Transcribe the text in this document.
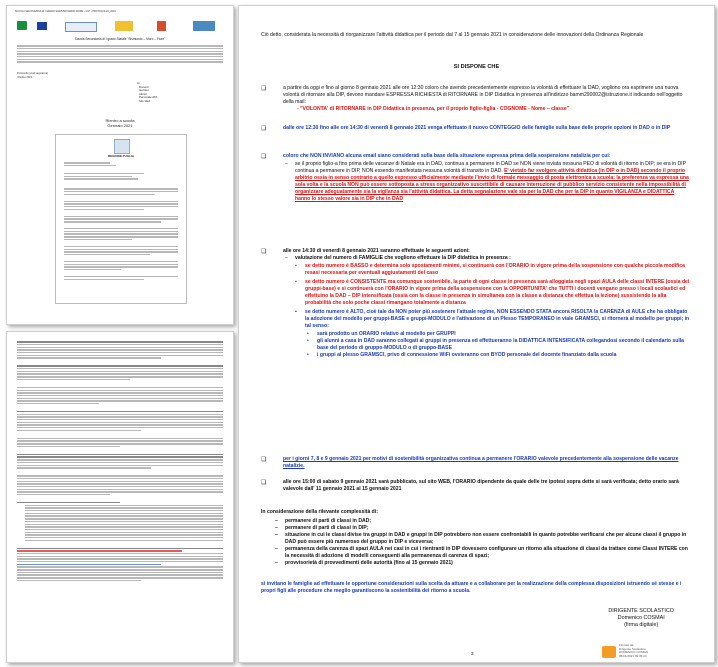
SCUOLA SECONDARIA DI I GRADO SIGMUND MARIO FIORE - ILS7 - PROTOCOLLO_2019
Scuola Secondaria di I grado Statale “Sismundo – Moro – Fiore”
Protocollo (vedi segnatura)
Ottobre 2021
Ai
Docenti
Genitori
Alunni
Personale ATA
Sito Web
Rientro a scuola
Gennaio 2021
REGIONE PUGLIA
Ciò detto, considerata la necessità di riorganizzare l'attività didattica per il periodo dal 7 al 15 gennaio 2021 in considerazione delle innovazioni della Ordinanza Regionale
SI DISPONE CHE
❏	a partire da oggi e fino al giorno 8 gennaio 2021 alle ore 12:30 coloro che avendo precedentemente espresso la volontà di effettuare la DAD, vogliono ora esprimere una nuova volontà di ritornare alla DIP, devono mandare ESPRESSA RICHIESTA di RITORNARE in DIP Didattica in presenza all'indirizzo bamm290002@istruzione.it indicando nell'oggetto della mail:
- "VOLONTA' di RITORNARE in DIP Didattica in presenza, per il proprio figlio-figlia - COGNOME - Nome – classe"
❏	dalle ore 12:30 fino alle ore 14:30 di venerdì 8 gennaio 2021 venga effettuato il nuovo CONTEGGIO delle famiglie sulla base delle proprie opzioni in DAD o in DIP
❏	coloro che NON INVIANO alcuna email siano considerati sulla base della situazione espressa prima della sospensione natalizia per cui:
– se il proprio figlio-a fino prima delle vacanze di Natale era in DAD, continua a permanere in DAD se NON viene inviata nessuna PEO di volontà di ritorno in DIP; se era in DIP continua a permanere in DIP, NON essendo manifestata nessuna volontà di transito in DAD. E' vietato far svolgere attività didattica (in DIP o in DAD) secondo il proprio arbitrio ossia in senso contrario a quello espresso ufficialmente mediante l'invio di formale messaggio di posta elettronica a scuola: la preferenza va espressa una sola volta e la scuola NON può essere sottoposta a stress organizzativo suscettibile di causare interruzione di pubblico servizio consistente nella impossibilità di organizzare adeguatamente sia la vigilanza sia l'attività didattica. La detta segnalazione vale sia per la DAD che per la DIP in quanto VIGILANZA e DIDATTICA hanno lo stesso valore sia in DIP che in DAD
❏	alle ore 14:30 di venerdì 8 gennaio 2021 saranno effettuate le seguenti azioni:
– valutazione del numero di FAMIGLIE che vogliono effettuare la DIP didattica in presenza :
▪ se detto numero è BASSO e determina solo spostamenti minimi, si continuerà con l'ORARIO in vigore prima della sospensione con qualche piccola modifica resasi necessaria per eventuali aggiustamenti del caso
▪ se detto numero è CONSISTENTE ma comunque sostenibile, la parte di ogni classe in presenza sarà alloggiata negli spazi AULA delle classi INTERE (ossia dei gruppi-base) e si continuerà con l'ORARIO in vigore prima della sospensione con la OPPORTUNITA' che TUTTI i docenti vengano presso i locali scolastici ed effettuino la DAD – DIP intensificata (ossia con la classe in presenza in simultanea con la classe a distanza che effettua la lezione) sussistendo la alta probabilità che solo poche classi rimangano totalmente a distanza
▪ se detto numero è ALTO, cioè tale da NON poter più sostenere l'attuale regime, NON ESSENDO STATA ancora RISOLTA la CARENZA di AULE che ha obbligato la adozione del modello per gruppi-BASE e gruppi-MODULO e l'attivazione di un Plesso TEMPORANEO in viale GRAMSCI, si ritornerà al modello per gruppi; in tal senso:
• sarà prodotto un ORARIO relativo al modello per GRUPPI
• gli alunni a casa in DAD saranno collegati ai gruppi in presenza ed effettueranno la DIDATTICA INTENSIFICATA collegandosi secondo il calendario sulla base del periodo di gruppo-MODULO o di gruppo-BASE
• i gruppi al plesso GRAMSCI, privo di connessione WiFi ovvieranno con BYOD personale del docente finanziato dalla scuola
❏	per i giorni 7, 8 e 9 gennaio 2021 per motivi di sostenibilità organizzativa continua a permanere l'ORARIO valevole precedentemente alla sospensione delle vacanze natalizie.
❏	alle ore 15:00 di sabato 9 gennaio 2021 sarà pubblicato, sul sito WEB, l'ORARIO dipendente da quale delle tre ipotesi sopra dette si sarà verificata; detto orario sarà valevole dall' 11 gennaio 2021 al 15 gennaio 2021
In considerazione della rilevante complessità di:
– permanere di parti di classi in DAD;
– permanere di parti di classi in DIP;
– situazione in cui le classi divise tra gruppi in DAD e gruppi in DIP potrebbero non essere confrontabili in quanto potrebbe verificarsi che per alcune classi il gruppo in DAD può essere più numeroso del gruppo in DIP e viceversa;
– permanenza della carenza di spazi AULA nei casi in cui i rientranti in DIP dovessero configurare un ritorno alla situazione di classi da trattare come Classi INTERE con la necessità di adozione di modelli conseguenti alla permanenza di carenza di spazi;
– provvisorietà di provvedimenti delle autorità (fino al 15 gennaio 2021)
si invitano le famiglie ad effettuare le opportune considerazioni sulla scelta da attuare e a collaborare per la realizzazione della complessa disposizioni istruendo sé stesse e i propri figli alle procedure che meglio garantiscono la sostenibilità del ritorno a scuola.
DIRIGENTE SCOLASTICO
Domenico COSMAI
(firma digitale)
3
Firmato da:
Dirigente Scolastico
DOMENICO COSMAI
05/01/2021 09:35:24
